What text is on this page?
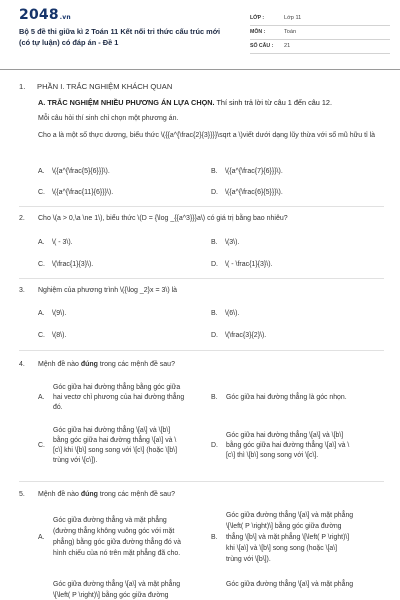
2048.vn
Bộ 5 đề thi giữa kì 2 Toán 11 Kết nối tri thức cấu trúc mới (có tự luận) có đáp án - Đề 1
LỚP :	Lớp 11
MÔN :	Toán
SỐ CÂU :	21
1. PHẦN I. TRẮC NGHIỆM KHÁCH QUAN
A. TRẮC NGHIỆM NHIỀU PHƯƠNG ÁN LỰA CHỌN. Thí sinh trả lời từ câu 1 đến câu 12.
Mỗi câu hỏi thí sinh chỉ chọn một phương án.
Cho a là một số thực dương, biểu thức \({{a^{\frac{2}{3}}}}\sqrt a \)viết dưới dạng lũy thừa với số mũ hữu tỉ là
A. \({a^{\frac{5}{6}}}\).	B. \({a^{\frac{7}{6}}}\).
C. \({a^{\frac{11}{6}}}\).	D. \({a^{\frac{6}{5}}}\).
2. Cho \(a > 0,\a \ne 1\), biểu thức \(D = {\log _{{a^3}}}a\) có giá trị bằng bao nhiêu?
A. \( - 3\).	B. \(3\).
C. \(\frac{1}{3}\).	D. \( - \frac{1}{3}\).
3. Nghiệm của phương trình \({\log _2}x = 3\) là
A. \(9\).	B. \(6\).
C. \(8\).	D. \(\frac{3}{2}\).
4. Mệnh đề nào đúng trong các mệnh đề sau?
A.
Góc giữa hai đường thẳng bằng góc giữa
hai vectơ chỉ phương của hai đường thẳng
đó.
B. Góc giữa hai đường thẳng là góc nhọn.
C.
Góc giữa hai đường thẳng \[a\] và \[b\]
bằng góc giữa hai đường thẳng \[a\] và \
[c\] khi \[b\] song song với \[c\] (hoặc \[b\]
trùng với \[c\]).
D.
Góc giữa hai đường thẳng \[a\] và \[b\]
bằng góc giữa hai đường thẳng \[a\] và \
[c\] thì \[b\] song song với \[c\].
5. Mệnh đề nào đúng trong các mệnh đề sau?
A.
Góc giữa đường thẳng và mặt phẳng
(đường thẳng không vuông góc với mặt
phẳng) bằng góc giữa đường thẳng đó và
hình chiếu của nó trên mặt phẳng đã cho.
B.
Góc giữa đường thẳng \[a\] và mặt phẳng
\[\left( P \right)\] bằng góc giữa đường
thẳng \[b\] và mặt phẳng \[\left( P \right)\]
khi \[a\] và \[b\] song song (hoặc \[a\]
trùng với \[b\]).
Góc giữa đường thẳng \[a\] và mặt phẳng
\[\left( P \right)\] bằng góc giữa đường
Góc giữa đường thẳng \[a\] và mặt phẳng
